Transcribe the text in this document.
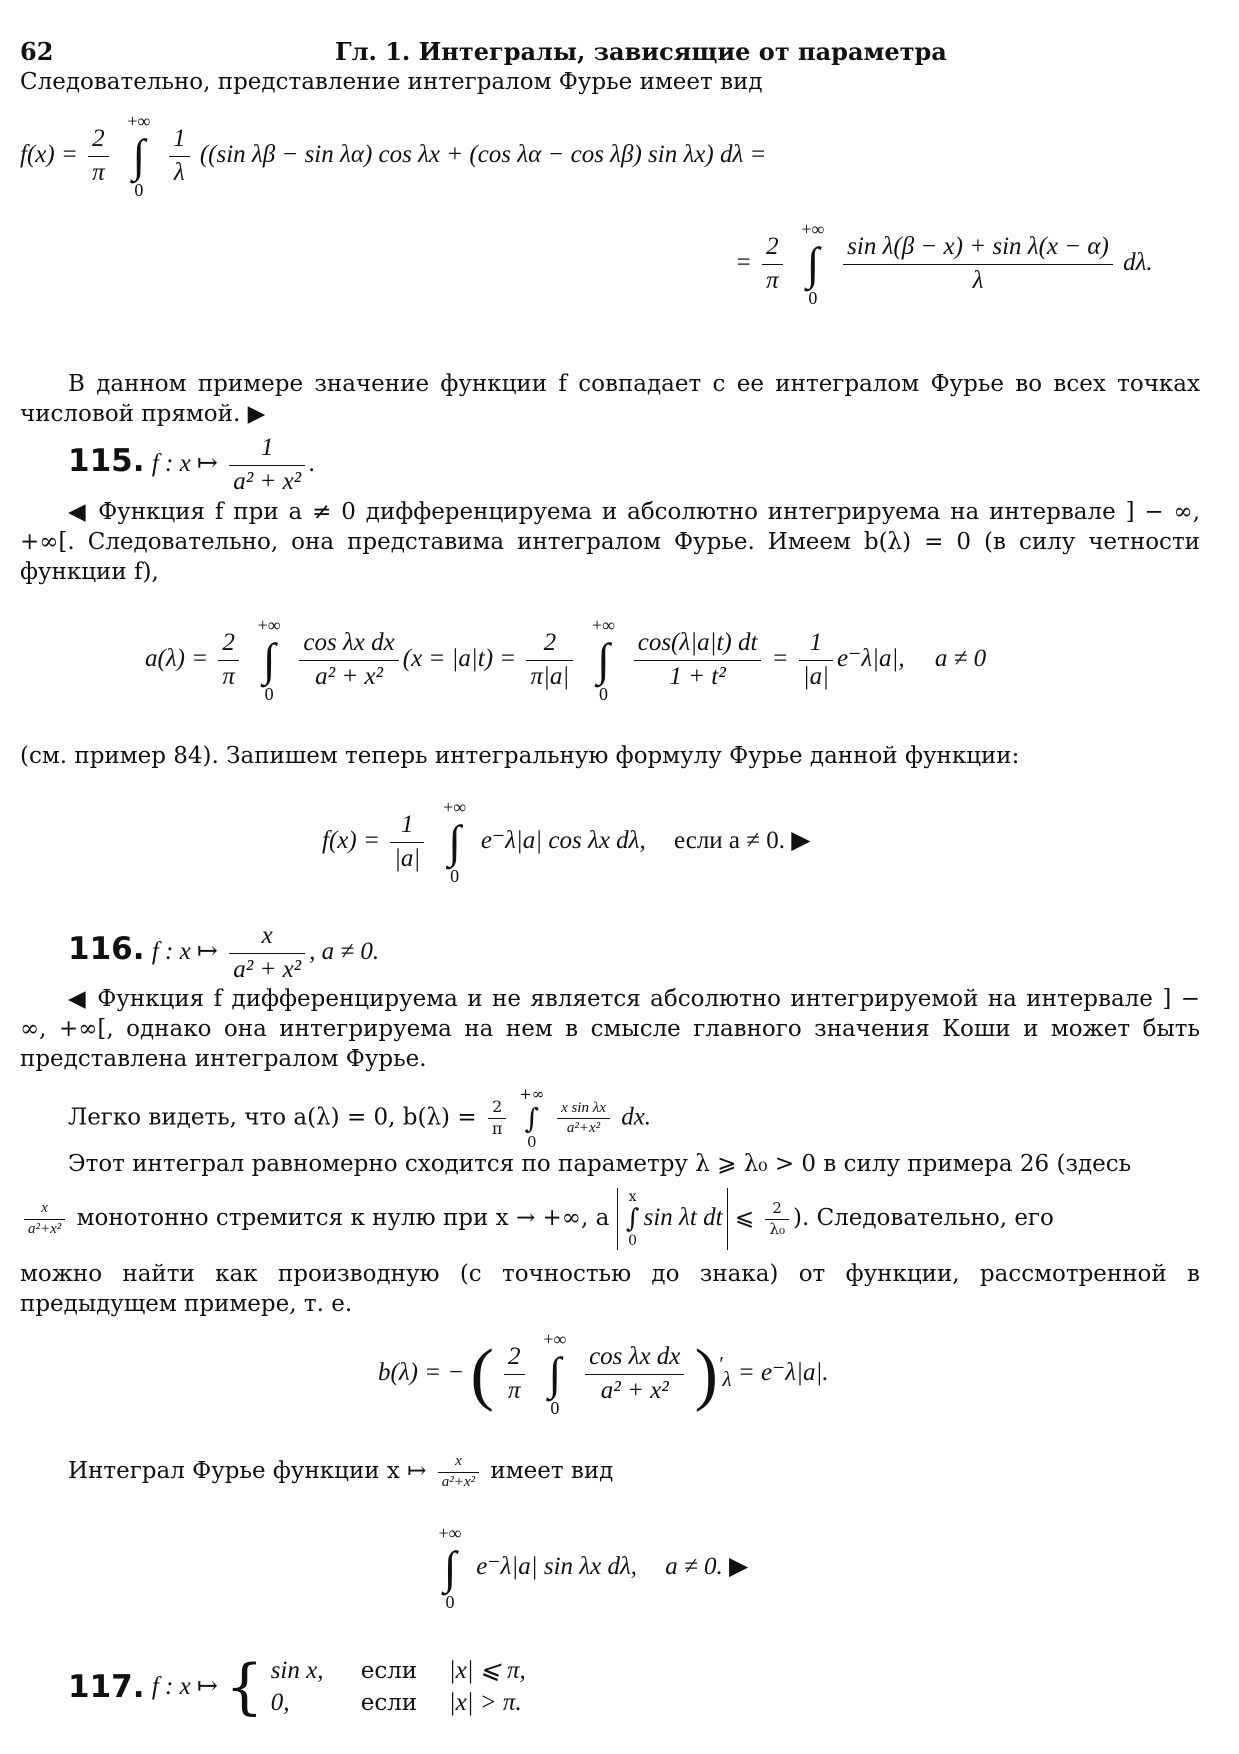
62	Гл. 1. Интегралы, зависящие от параметра
Следовательно, представление интегралом Фурье имеет вид
$f(x) = \frac{2}{\pi}$

+∞
∫
0

$\frac{1}{\lambda} ((\sin$ λβ − sin λα) cos λx + (cos λα − cos λβ) sin λx) dλ =
= $\frac{2}{\pi}$

+∞
∫
0

$\frac{\text{sin λ(β − x) + sin λ(x − α)}}{\lambda} d\lambda$.
В данном примере значение функции f совпадает с ее интегралом Фурье во всех точках числовой прямой. ▶
115. f : x ↦ $\frac{1}{\text{a² + x²}}$ .
◀ Функция f при a ≠ 0 дифференцируема и абсолютно интегрируема на интервале ] − ∞, +∞[. Следовательно, она представима интегралом Фурье. Имеем b(λ) = 0 (в силу четности функции f),
$a(\lambda) = \frac{2}{\pi}$

+∞
∫
0

$\frac{\text{cos λx dx}}{\text{a² + x²}} (x = |a|t) = \frac{2}{\pi|a|}$

+∞
∫
0

$\frac{\cos(\lambda|a|t) dt}{\text{1 + t²}} = \frac{1}{|a|} e^-\lambda|a|$, a ≠ 0
(см. пример 84). Запишем теперь интегральную формулу Фурье данной функции:
$f(x) = \frac{1}{|a|}$

+∞
∫
0
e⁻λ|a| cos λx dλ, если a ≠ 0. ▶
116. f : x ↦ $\frac{x}{\text{a² + x²}}$ , a ≠ 0.
◀ Функция f дифференцируема и не является абсолютно интегрируемой на интервале ] − ∞, +∞[, однако она интегрируема на нем в смысле главного значения Коши и может быть представлена интегралом Фурье.
Легко видеть, что a(λ) = 0, $b(\lambda) = \frac{2}{\pi}$

+∞
∫
0

$\frac{\text{x sin λx}}{\text{a²+x²}}$ dx.
Этот интеграл равномерно сходится по параметру λ ⩾ λ₀ > 0 в силу примера 26 (здесь
$\frac{x}{\text{a²+x²}}$ монотонно стремится к нулю при x → +∞, а
x
∫
0
sin λt dt ⩽ $\frac{2}{\text{λ₀}}$ ). Следовательно, его
можно найти как производную (с точностью до знака) от функции, рассмотренной в предыдущем примере, т. е.
b(λ) = − ( $\frac{2}{\pi}$

+∞
∫
0

$\frac{\text{cos λx dx}}{\text{a² + x²}} )'_\lambda = e^-\lambda|a|$.
Интеграл Фурье функции x ↦ $\frac{x}{\text{a²+x²}}$ имеет вид
+∞
∫
0
e⁻λ|a| sin λx dλ, a ≠ 0. ▶
117. f : x ↦ { sin x, если |x| ⩽ π,
0,	если |x| > π.
